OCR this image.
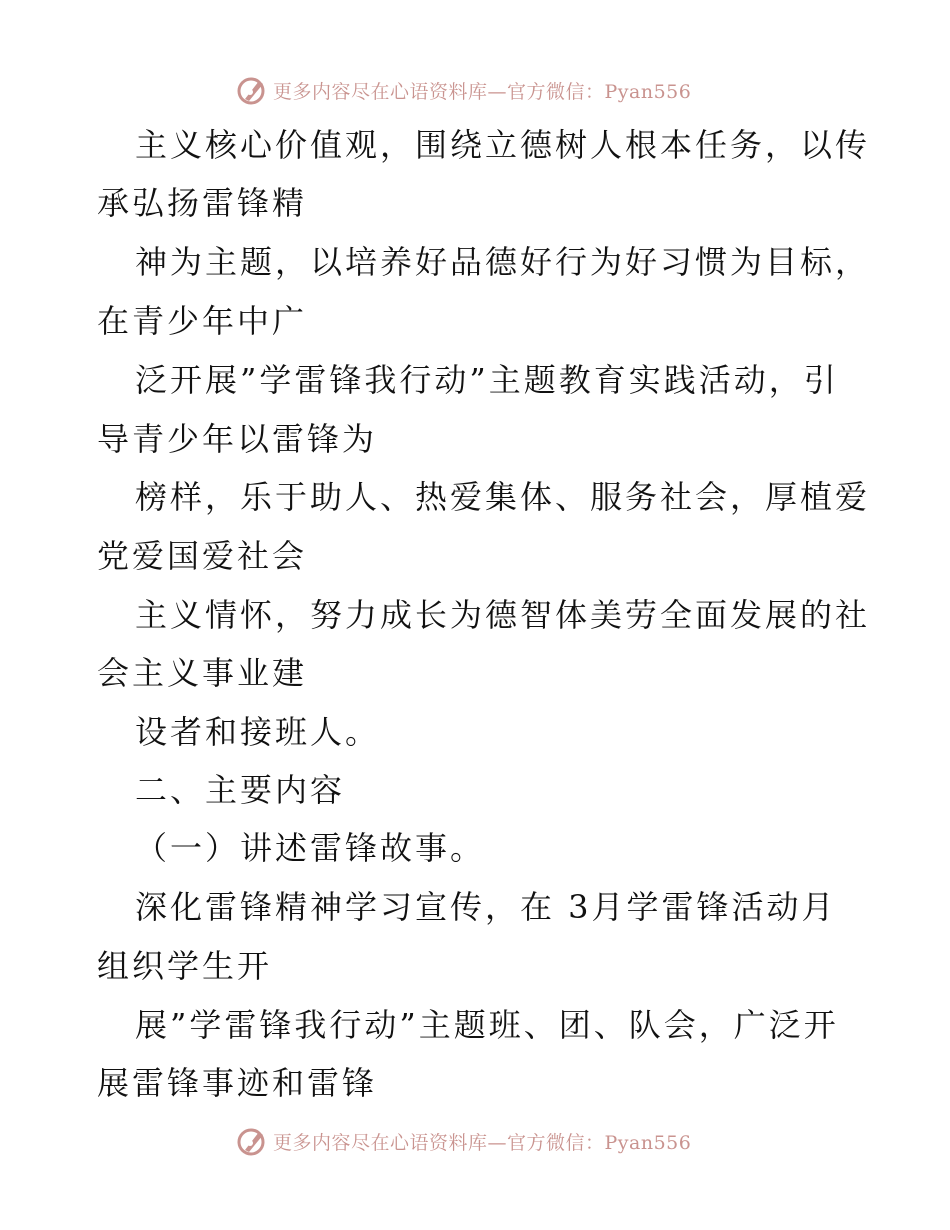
更多内容尽在心语资料库—官方微信：Pyan556
主义核心价值观，围绕立德树人根本任务，以传
承弘扬雷锋精
神为主题，以培养好品德好行为好习惯为目标，
在青少年中广
泛开展”学雷锋我行动”主题教育实践活动，引
导青少年以雷锋为
榜样，乐于助人、热爱集体、服务社会，厚植爱
党爱国爱社会
主义情怀，努力成长为德智体美劳全面发展的社
会主义事业建
设者和接班人。
二、主要内容
（一）讲述雷锋故事。
深化雷锋精神学习宣传，在 3月学雷锋活动月
组织学生开
展”学雷锋我行动”主题班、团、队会，广泛开
展雷锋事迹和雷锋
更多内容尽在心语资料库—官方微信：Pyan556
